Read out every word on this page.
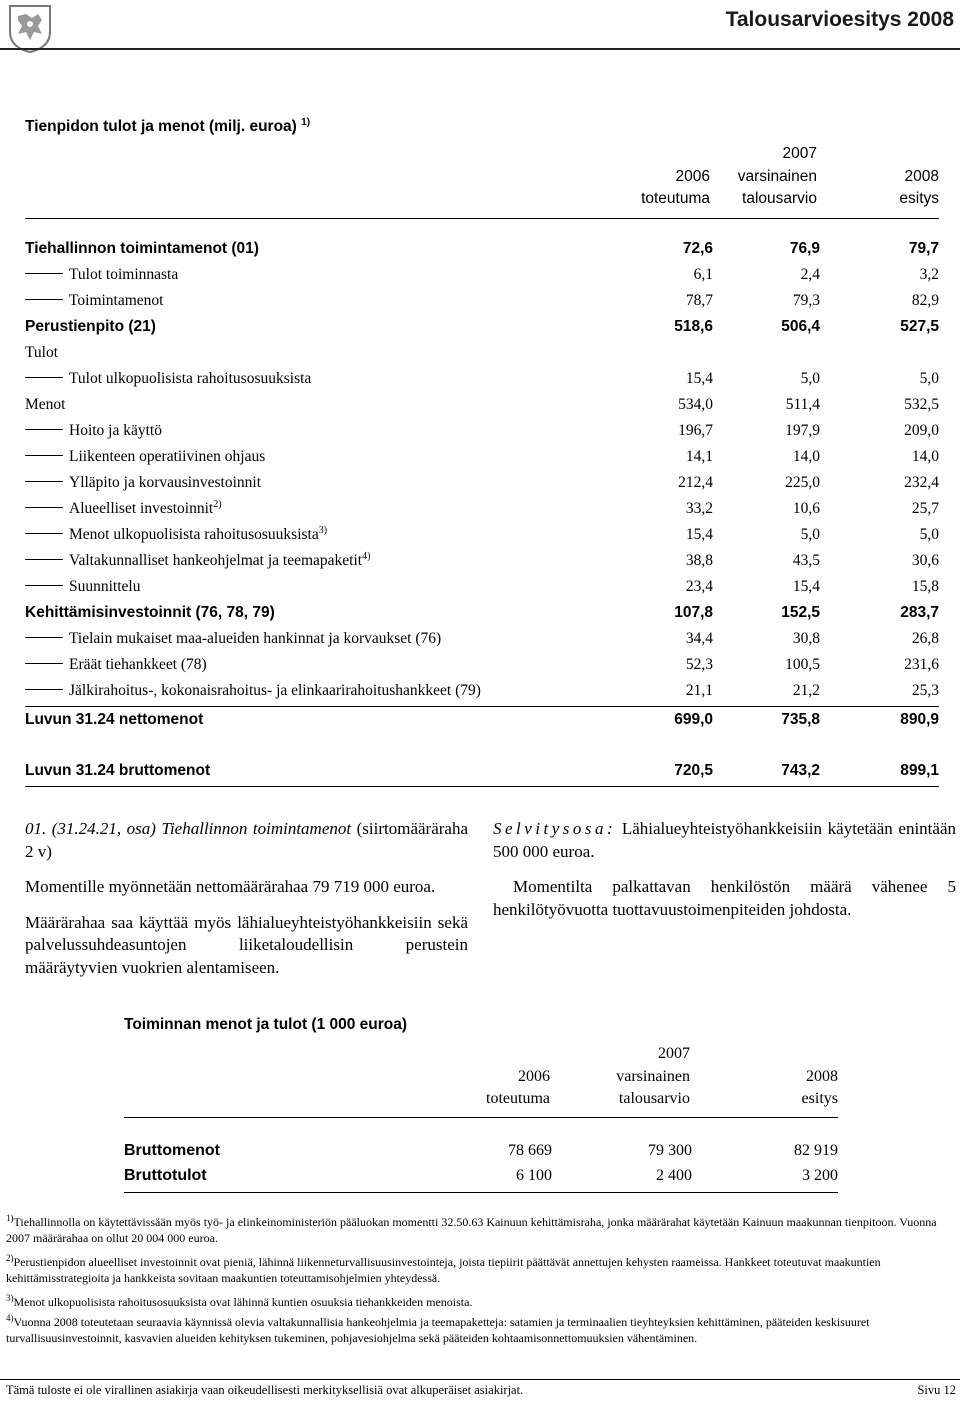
Talousarvioesitys 2008
Tienpidon tulot ja menot (milj. euroa) $^{1)}$

2006
toteutuma
2007
varsinainen
talousarvio

2008
esitys
Tiehallinnon toimintamenot (01)	72,6	76,9	79,7
Tulot toiminnasta	6,1	2,4	3,2
Toimintamenot	78,7	79,3	82,9
Perustienpito (21)	518,6	506,4	527,5
Tulot
Tulot ulkopuolisista rahoitusosuuksista	15,4	5,0	5,0
Menot	534,0	511,4	532,5
Hoito ja käyttö	196,7	197,9	209,0
Liikenteen operatiivinen ohjaus	14,1	14,0	14,0
Ylläpito ja korvausinvestoinnit	212,4	225,0	232,4
Alueelliset investoinnit$^{2)}$	33,2	10,6	25,7
Menot ulkopuolisista rahoitusosuuksista$^{3)}$	15,4	5,0	5,0
Valtakunnalliset hankeohjelmat ja teemapaketit$^{4)}$	38,8	43,5	30,6
Suunnittelu	23,4	15,4	15,8
Kehittämisinvestoinnit (76, 78, 79)	107,8	152,5	283,7
Tielain mukaiset maa-alueiden hankinnat ja korvaukset (76)	34,4	30,8	26,8
Eräät tiehankkeet (78)	52,3	100,5	231,6
Jälkirahoitus-, kokonaisrahoitus- ja elinkaarirahoitushankkeet (79)	21,1	21,2	25,3
Luvun 31.24 nettomenot	699,0	735,8	890,9
Luvun 31.24 bruttomenot	720,5	743,2	899,1

01. (31.24.21, osa) Tiehallinnon toimintamenot (siirtomääräraha 2 v)

Momentille myönnetään nettomäärärahaa 79 719 000 euroa.

Määrärahaa saa käyttää myös lähialueyhteistyöhankkeisiin sekä palvelussuhdeasuntojen liiketaloudellisin perustein määräytyvien vuokrien alentamiseen.

Selvitysosa: Lähialueyhteistyöhankkeisiin käytetään enintään 500 000 euroa.

Momentilta palkattavan henkilöstön määrä vähenee 5 henkilötyövuotta tuottavuustoimenpiteiden johdosta.

Toiminnan menot ja tulot (1 000 euroa)

2006
toteutuma
2007
varsinainen
talousarvio

2008
esitys
Bruttomenot	78 669	79 300	82 919
Bruttotulot	6 100	2 400	3 200
$^{1)}$Tiehallinnolla on käytettävissään myös työ- ja elinkeinoministeriön pääluokan momentti 32.50.63 Kainuun kehittämisraha, jonka määrärahat käytetään Kainuun maakunnan tienpitoon. Vuonna 2007 määrärahaa on ollut 20 004 000 euroa.
$^{2)}$Perustienpidon alueelliset investoinnit ovat pieniä, lähinnä liikenneturvallisuusinvestointeja, joista tiepiirit päättävät annettujen kehysten raameissa. Hankkeet toteutuvat maakuntien kehittämisstrategioita ja hankkeista sovitaan maakuntien toteuttamisohjelmien yhteydessä.
$^{3)}$Menot ulkopuolisista rahoitusosuuksista ovat lähinnä kuntien osuuksia tiehankkeiden menoista.
$^{4)}$Vuonna 2008 toteutetaan seuraavia käynnissä olevia valtakunnallisia hankeohjelmia ja teemapaketteja: satamien ja terminaalien tieyhteyksien kehittäminen, pääteiden keskisuuret turvallisuusinvestoinnit, kasvavien alueiden kehityksen tukeminen, pohjavesiohjelma sekä pääteiden kohtaamisonnettomuuksien vähentäminen.
Tämä tuloste ei ole virallinen asiakirja vaan oikeudellisesti merkityksellisiä ovat alkuperäiset asiakirjat.	Sivu 12
